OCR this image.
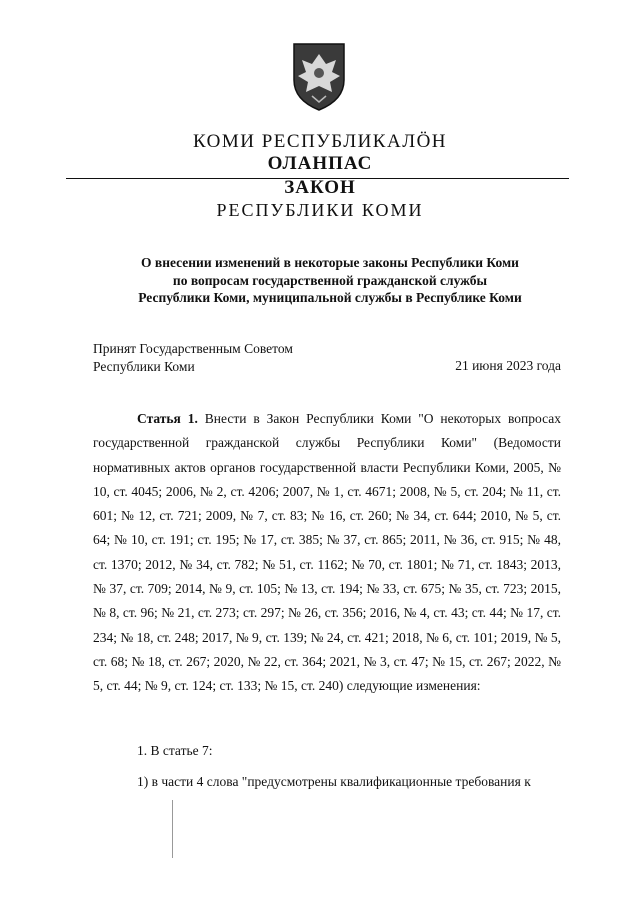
КОМИ РЕСПУБЛИКАЛӦН
ОЛАНПАС
ЗАКОН
РЕСПУБЛИКИ КОМИ
О внесении изменений в некоторые законы Республики Коми
по вопросам государственной гражданской службы
Республики Коми, муниципальной службы в Республике Коми
Принят Государственным Советом
Республики Коми	21 июня 2023 года

Статья 1. Внести в Закон Республики Коми "О некоторых вопросах государственной гражданской службы Республики Коми" (Ведомости нормативных актов органов государственной власти Республики Коми, 2005, № 10, ст. 4045; 2006, № 2, ст. 4206; 2007, № 1, ст. 4671; 2008, № 5, ст. 204; № 11, ст. 601; № 12, ст. 721; 2009, № 7, ст. 83; № 16, ст. 260; № 34, ст. 644; 2010, № 5, ст. 64; № 10, ст. 191; ст. 195; № 17, ст. 385; № 37, ст. 865; 2011, № 36, ст. 915; № 48, ст. 1370; 2012, № 34, ст. 782; № 51, ст. 1162; № 70, ст. 1801; № 71, ст. 1843; 2013, № 37, ст. 709; 2014, № 9, ст. 105; № 13, ст. 194; № 33, ст. 675; № 35, ст. 723; 2015, № 8, ст. 96; № 21, ст. 273; ст. 297; № 26, ст. 356; 2016, № 4, ст. 43; ст. 44; № 17, ст. 234; № 18, ст. 248; 2017, № 9, ст. 139; № 24, ст. 421; 2018, № 6, ст. 101; 2019, № 5, ст. 68; № 18, ст. 267; 2020, № 22, ст. 364; 2021, № 3, ст. 47; № 15, ст. 267; 2022, № 5, ст. 44; № 9, ст. 124; ст. 133; № 15, ст. 240) следующие изменения:

1. В статье 7:
1) в части 4 слова "предусмотрены квалификационные требования к
